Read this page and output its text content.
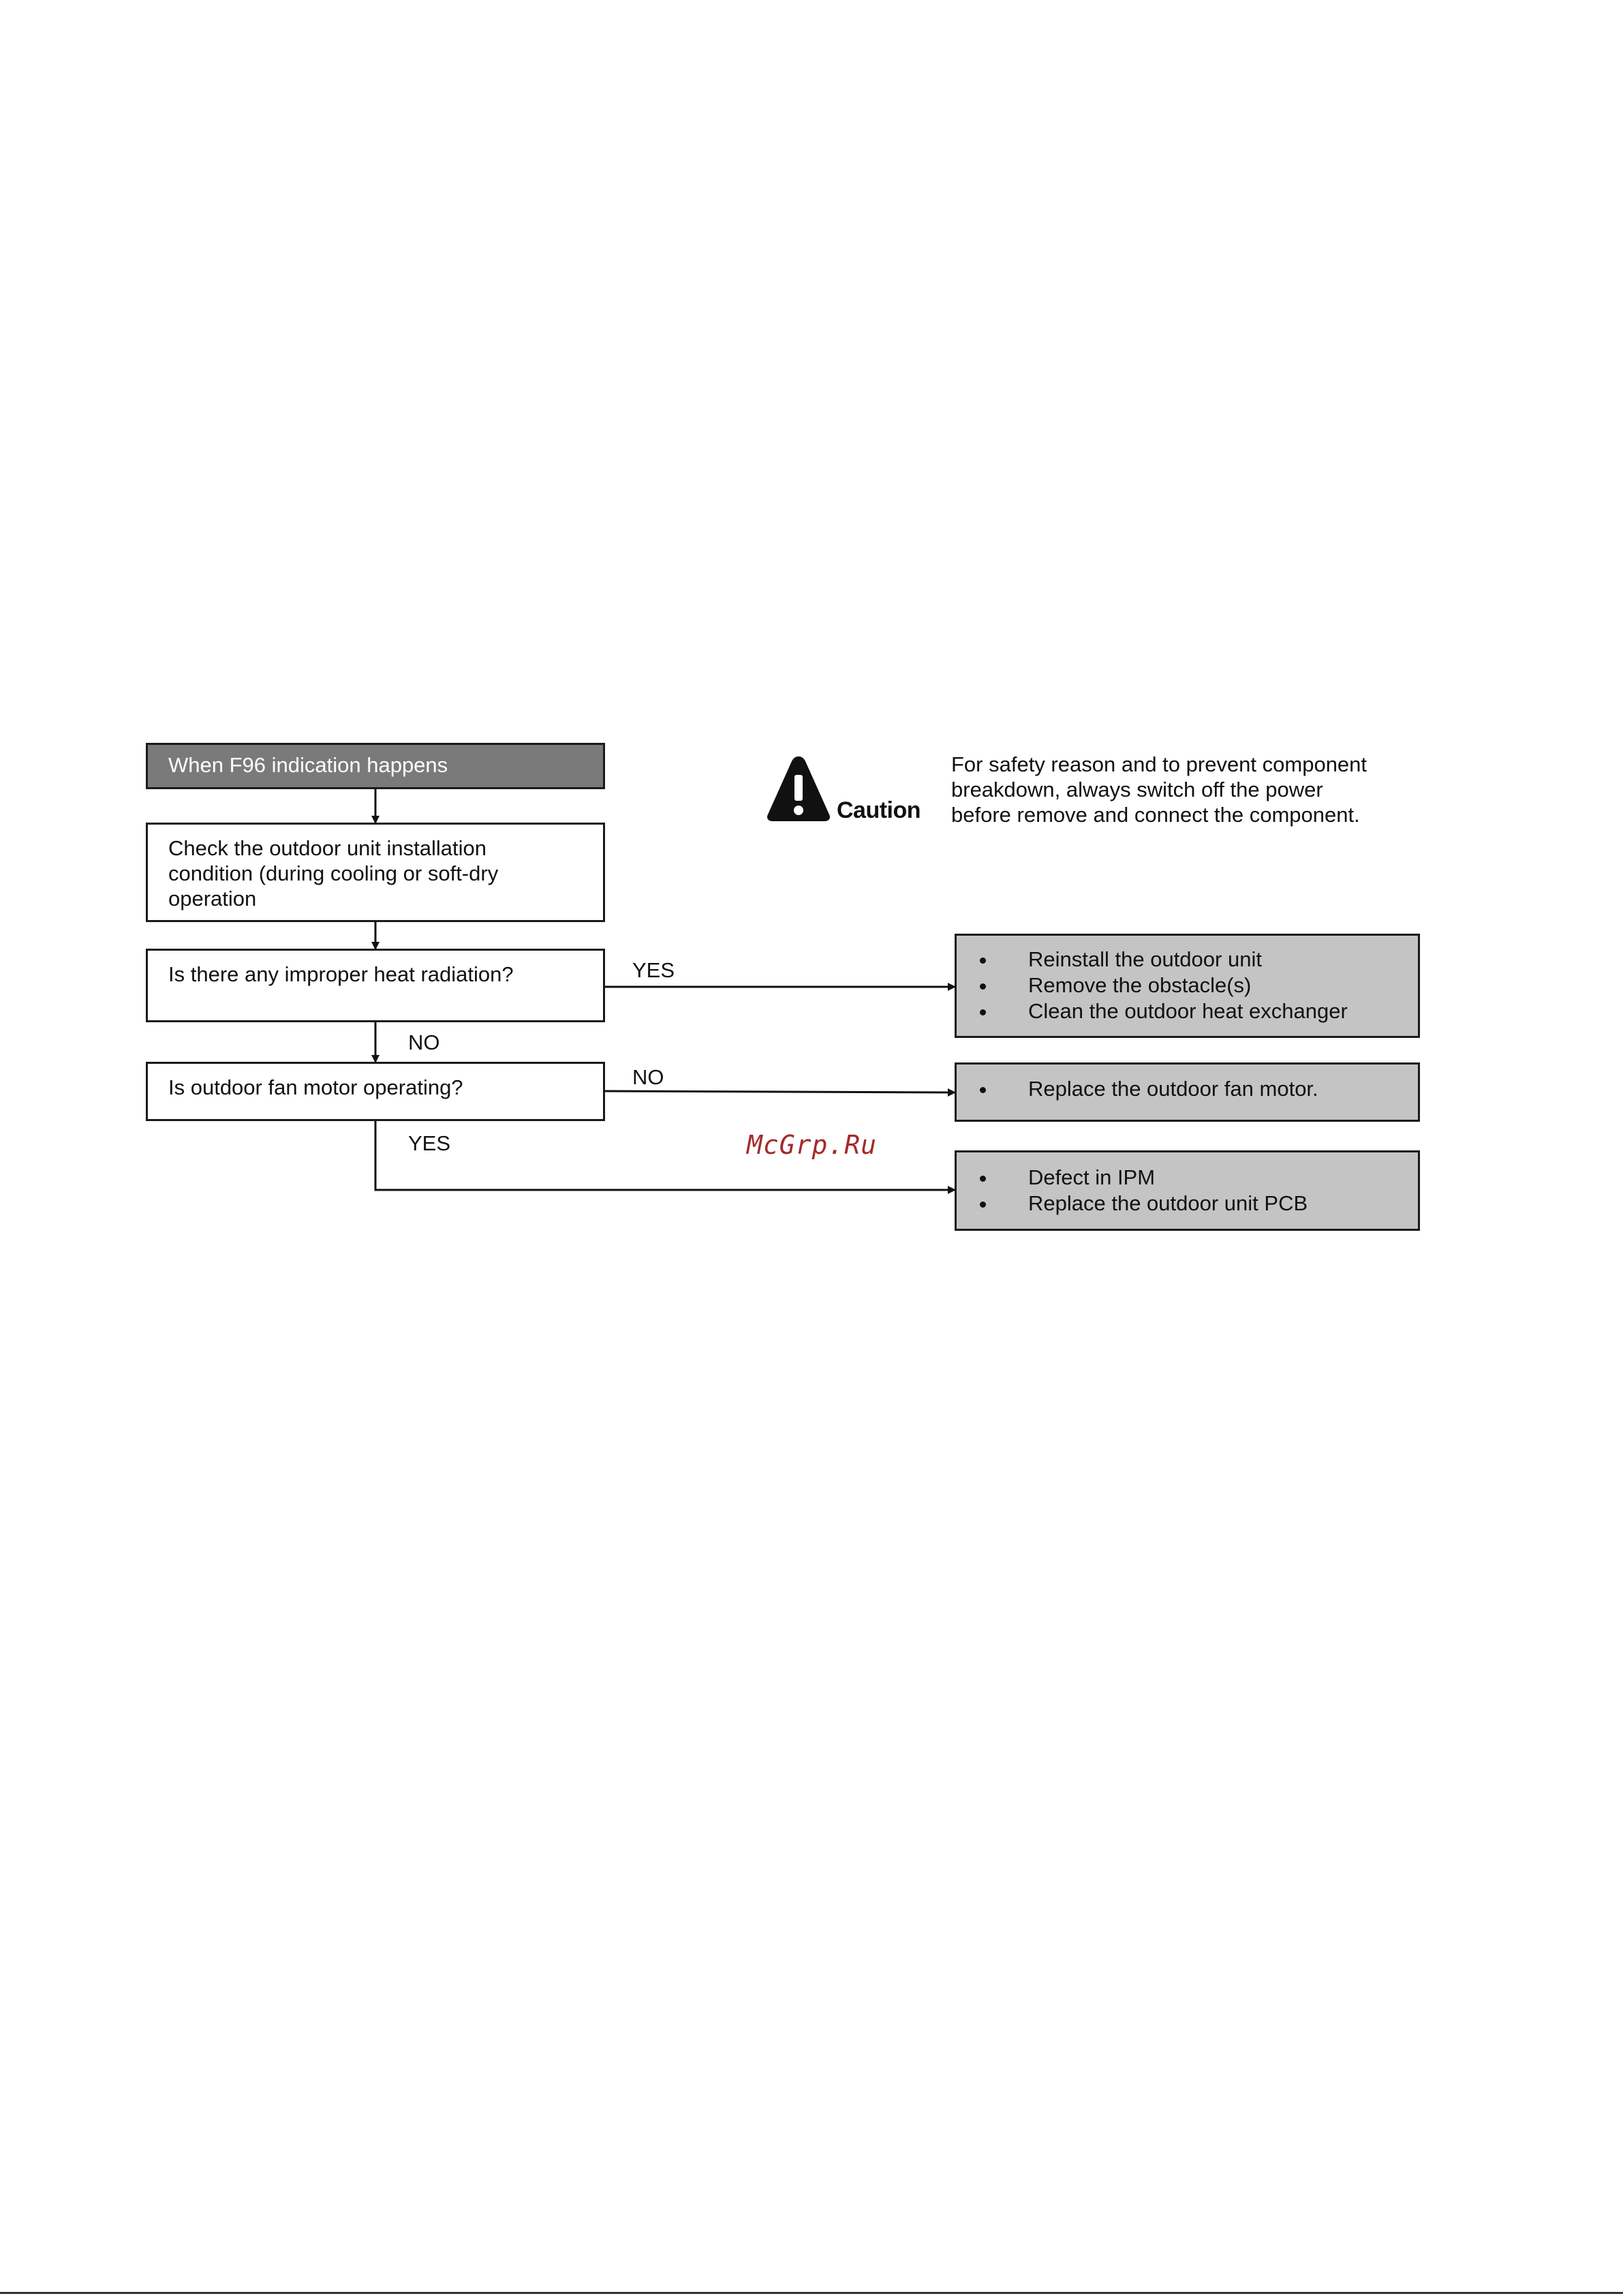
When F96 indication happens
Check the outdoor unit installation
condition (during cooling or soft-dry
operation
Is there any improper heat radiation?
Is outdoor fan motor operating?
YES
NO
NO
YES
Reinstall the outdoor unit
Remove the obstacle(s)
Clean the outdoor heat exchanger
Replace the outdoor fan motor.
Defect in IPM
Replace the outdoor unit PCB
Caution
For safety reason and to prevent component
breakdown, always switch off the power
before remove and connect the component.
McGrp.Ru
